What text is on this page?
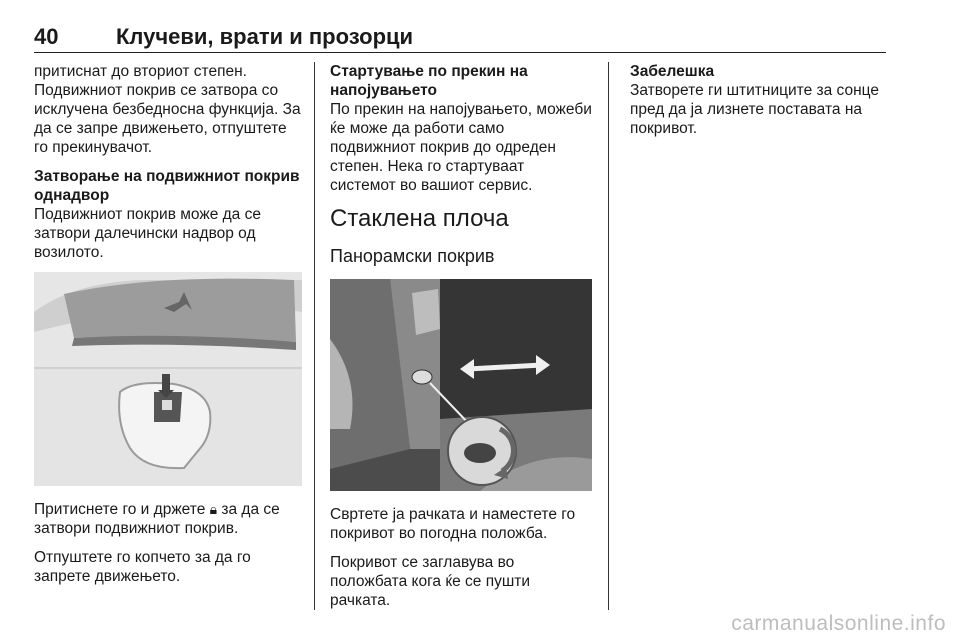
40	Клучеви, врати и прозорци

притиснат до вториот степен. Подвижниот покрив се затвора со исклучена безбедносна функција. За да се запре движењето, отпуштете го прекинувачот.

Затворање на подвижниот покрив однадвор

Подвижниот покрив може да се затвори далечински надвор од возилото.

Притиснете го и држете 🔒︎ за да се затвори подвижниот покрив.

Отпуштете го копчето за да го запрете движењето.

Стартување по прекин на напојувањето

По прекин на напојувањето, можеби ќе може да работи само подвижниот покрив до одреден степен. Нека го стартуваат системот во вашиот сервис.

Стаклена плоча
Панорамски покрив

Свртете ја рачката и наместете го покривот во погодна положба.

Покривот се заглавува во положбата кога ќе се пушти рачката.

Забелешка

Затворете ги штитниците за сонце пред да ја лизнете поставата на покривот.

carmanualsonline.info
